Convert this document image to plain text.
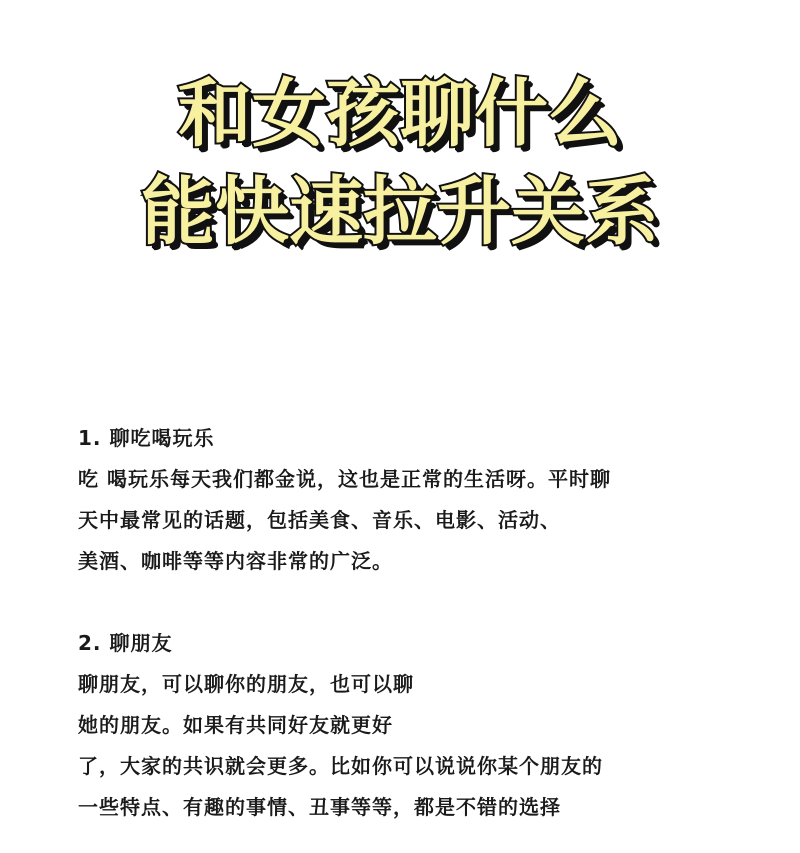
和女孩聊什么
能快速拉升关系
1. 聊吃喝玩乐
吃 喝玩乐每天我们都金说，这也是正常的生活呀。平时聊
天中最常见的话题，包括美食、音乐、电影、活动、
美酒、咖啡等等内容非常的广泛。
2. 聊朋友
聊朋友，可以聊你的朋友，也可以聊
她的朋友。如果有共同好友就更好
了，大家的共识就会更多。比如你可以说说你某个朋友的
一些特点、有趣的事情、丑事等等，都是不错的选择
